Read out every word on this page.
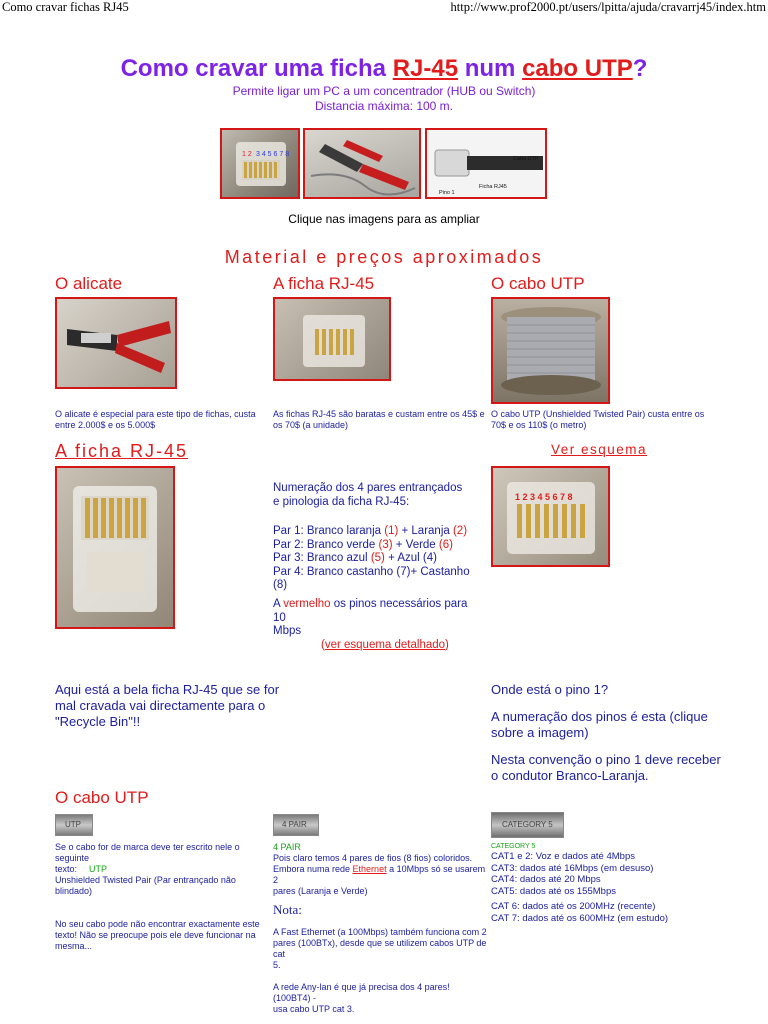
Como cravar fichas RJ45	http://www.prof2000.pt/users/lpitta/ajuda/cravarrj45/index.htm
Como cravar uma ficha RJ-45 num cabo UTP?
Permite ligar um PC a um concentrador (HUB ou Switch)
Distancia máxima: 100 m.
1 2 3 4 5 6 7 8
Cabo UTP
Ficha RJ45
Pino 1
Clique nas imagens para as ampliar
Material e preços aproximados
O alicate	A ficha RJ-45	O cabo UTP
O alicate é especial para este tipo de fichas, custa entre 2.000$ e os 5.000$
As fichas RJ-45 são baratas e custam entre os 45$ e os 70$ (a unidade)
O cabo UTP (Unshielded Twisted Pair) custa entre os 70$ e os 110$ (o metro)
A ficha RJ-45	Ver esquema
Numeração dos 4 pares entrançados
e pinologia da ficha RJ-45:
Par 1: Branco laranja (1) + Laranja (2)
Par 2: Branco verde (3) + Verde (6)
Par 3: Branco azul (5) + Azul (4)
Par 4: Branco castanho (7)+ Castanho (8)
A vermelho os pinos necessários para 10
Mbps
(ver esquema detalhado)
1 2 3 4 5 6 7 8
Aqui está a bela ficha RJ-45 que se for
mal cravada vai directamente para o
"Recycle Bin"!!
Onde está o pino 1?
A numeração dos pinos é esta (clique
sobre a imagem)
Nesta convenção o pino 1 deve receber
o condutor Branco-Laranja.
O cabo UTP
UTP	4 PAIR	CATEGORY 5
Se o cabo for de marca deve ter escrito nele o seguinte
texto: UTP
Unshielded Twisted Pair (Par entrançado não blindado)
No seu cabo pode não encontrar exactamente este
texto! Não se preocupe pois ele deve funcionar na
mesma...
4 PAIR
Pois claro temos 4 pares de fios (8 fios) coloridos.
Embora numa rede Ethernet a 10Mbps só se usarem 2
pares (Laranja e Verde)
Nota:
A Fast Ethernet (a 100Mbps) também funciona com 2
pares (100BTx), desde que se utilizem cabos UTP de cat
5.
A rede Any-lan é que já precisa dos 4 pares! (100BT4) -
usa cabo UTP cat 3.
CATEGORY 5
CAT1 e 2: Voz e dados até 4Mbps
CAT3: dados até 16Mbps (em desuso)
CAT4: dados até 20 Mbps
CAT5: dados até os 155Mbps
CAT 6: dados até os 200MHz (recente)
CAT 7: dados até os 600MHz (em estudo)
